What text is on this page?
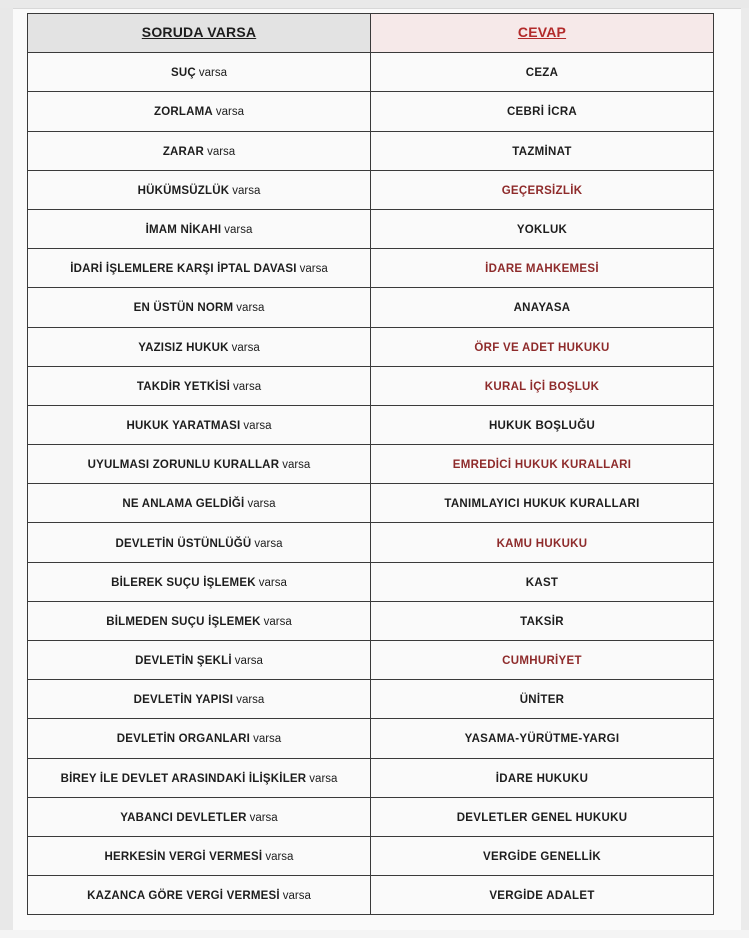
SORUDA VARSA	CEVAP
SUÇ varsa	CEZA
ZORLAMA varsa	CEBRİ İCRA
ZARAR varsa	TAZMİNAT
HÜKÜMSÜZLÜK varsa	GEÇERSİZLİK
İMAM NİKAHI varsa	YOKLUK
İDARİ İŞLEMLERE KARŞI İPTAL DAVASI varsa	İDARE MAHKEMESİ
EN ÜSTÜN NORM varsa	ANAYASA
YAZISIZ HUKUK varsa	ÖRF VE ADET HUKUKU
TAKDİR YETKİSİ varsa	KURAL İÇİ BOŞLUK
HUKUK YARATMASI varsa	HUKUK BOŞLUĞU
UYULMASI ZORUNLU KURALLAR varsa	EMREDİCİ HUKUK KURALLARI
NE ANLAMA GELDİĞİ varsa	TANIMLAYICI HUKUK KURALLARI
DEVLETİN ÜSTÜNLÜĞÜ varsa	KAMU HUKUKU
BİLEREK SUÇU İŞLEMEK varsa	KAST
BİLMEDEN SUÇU İŞLEMEK varsa	TAKSİR
DEVLETİN ŞEKLİ varsa	CUMHURİYET
DEVLETİN YAPISI varsa	ÜNİTER
DEVLETİN ORGANLARI varsa	YASAMA-YÜRÜTME-YARGI
BİREY İLE DEVLET ARASINDAKİ İLİŞKİLER varsa	İDARE HUKUKU
YABANCI DEVLETLER varsa	DEVLETLER GENEL HUKUKU
HERKESİN VERGİ VERMESİ varsa	VERGİDE GENELLİK
KAZANCA GÖRE VERGİ VERMESİ varsa	VERGİDE ADALET
